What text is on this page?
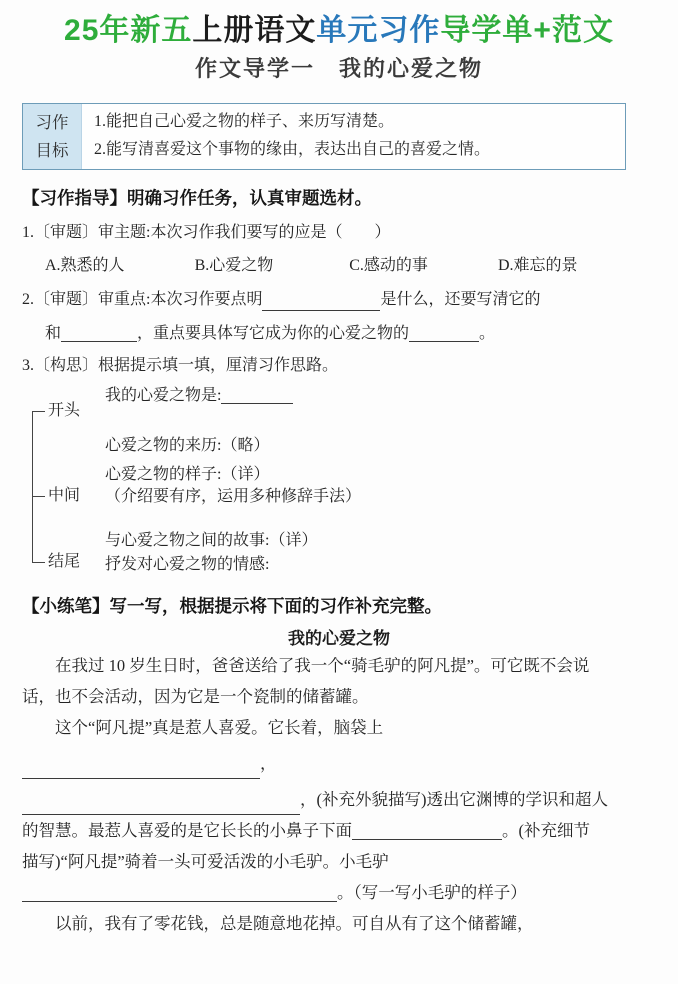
25年新五上册语文单元习作导学单+范文
作文导学一　我的心爱之物
习作
目标
1.能把自己心爱之物的样子、来历写清楚。
2.能写清喜爱这个事物的缘由，表达出自己的喜爱之情。
【习作指导】明确习作任务，认真审题选材。
1.〔审题〕审主题:本次习作我们要写的应是（　　）
A.熟悉的人	B.心爱之物	C.感动的事	D.难忘的景
2.〔审题〕审重点:本次习作要点明	是什么，还要写清它的
和	，重点要具体写它成为你的心爱之物的	。
3.〔构思〕根据提示填一填，厘清习作思路。
开头
中间
结尾
我的心爱之物是:
心爱之物的来历: （略）
心爱之物的样子: （详）
（介绍要有序，运用多种修辞手法）
与心爱之物之间的故事: （详）
抒发对心爱之物的情感:
【小练笔】写一写，根据提示将下面的习作补充完整。
我的心爱之物
在我过 10 岁生日时，爸爸送给了我一个“骑毛驴的阿凡提”。可它既不会说
话，也不会活动，因为它是一个瓷制的储蓄罐。
这个“阿凡提”真是惹人喜爱。它长着 ，脑袋上
，
，(补充外貌描写)透出它渊博的学识和超人
的智慧。最惹人喜爱的是它长长的小鼻子下面	。(补充细节
描写)“阿凡提”骑着一头可爱活泼的小毛驴。小毛驴
。（写一写小毛驴的样子）
以前，我有了零花钱，总是随意地花掉。可自从有了这个储蓄罐，
